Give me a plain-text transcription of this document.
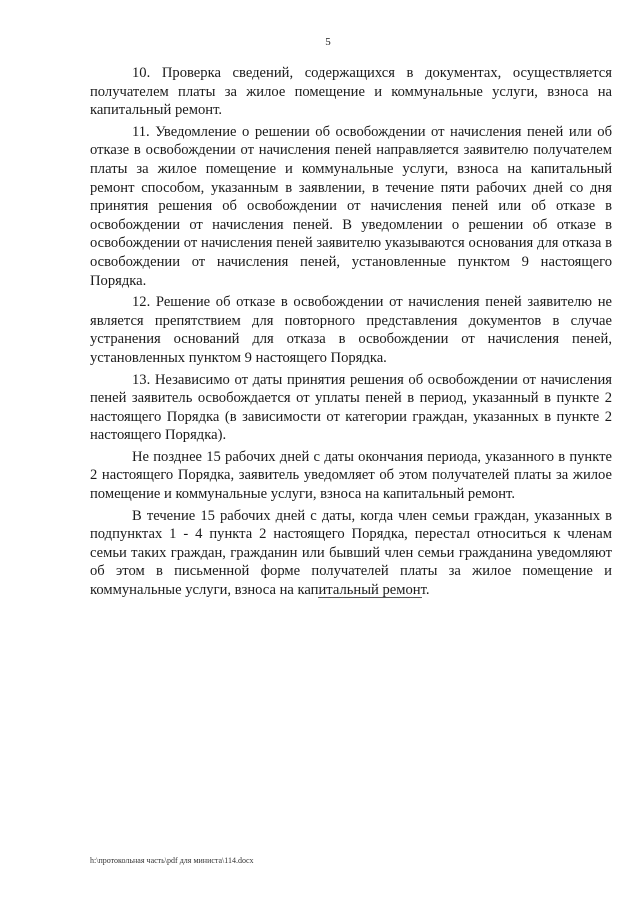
5

10. Проверка сведений, содержащихся в документах, осуществляется получателем платы за жилое помещение и коммунальные услуги, взноса на капитальный ремонт.

11. Уведомление о решении об освобождении от начисления пеней или об отказе в освобождении от начисления пеней направляется заявителю получателем платы за жилое помещение и коммунальные услуги, взноса на капитальный ремонт способом, указанным в заявлении, в течение пяти рабочих дней со дня принятия решения об освобождении от начисления пеней или об отказе в освобождении от начисления пеней. В уведомлении о решении об отказе в освобождении от начисления пеней заявителю указываются основания для отказа в освобождении от начисления пеней, установленные пунктом 9 настоящего Порядка.

12. Решение об отказе в освобождении от начисления пеней заявителю не является препятствием для повторного представления документов в случае устранения оснований для отказа в освобождении от начисления пеней, установленных пунктом 9 настоящего Порядка.

13. Независимо от даты принятия решения об освобождении от начисления пеней заявитель освобождается от уплаты пеней в период, указанный в пункте 2 настоящего Порядка (в зависимости от категории граждан, указанных в пункте 2 настоящего Порядка).

Не позднее 15 рабочих дней с даты окончания периода, указанного в пункте 2 настоящего Порядка, заявитель уведомляет об этом получателей платы за жилое помещение и коммунальные услуги, взноса на капитальный ремонт.

В течение 15 рабочих дней с даты, когда член семьи граждан, указанных в подпунктах 1 - 4 пункта 2 настоящего Порядка, перестал относиться к членам семьи таких граждан, гражданин или бывший член семьи гражданина уведомляют об этом в письменной форме получателей платы за жилое помещение и коммунальные услуги, взноса на капитальный ремонт.

h:\протокольная часть\pdf для министа\114.docx
